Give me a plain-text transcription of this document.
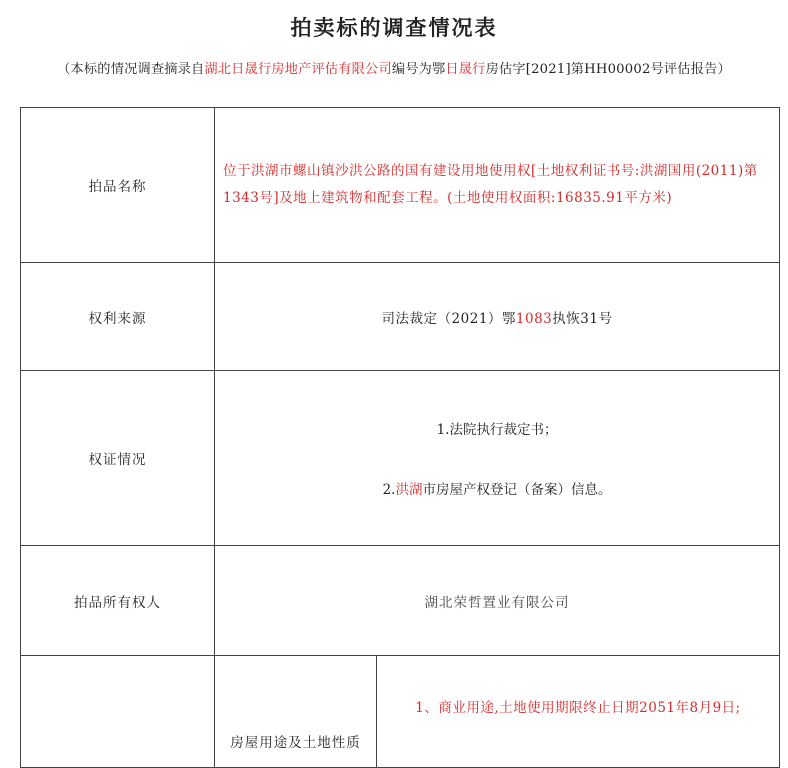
拍卖标的调查情况表
（本标的情况调查摘录自湖北日晟行房地产评估有限公司编号为鄂日晟行房估字[2021]第HH00002号评估报告）
拍品名称	位于洪湖市螺山镇沙洪公路的国有建设用地使用权[土地权利证书号:洪湖国用(2011)第1343号]及地上建筑物和配套工程。(土地使用权面积:16835.91平方米)	
权利来源	司法裁定（2021）鄂1083执恢31号	
权证情况	1.法院执行裁定书；

2.洪湖市房屋产权登记（备案）信息。	

拍品所有权人	湖北荣哲置业有限公司	
	房屋用途及土地性质	1、商业用途,土地使用期限终止日期2051年8月9日;
